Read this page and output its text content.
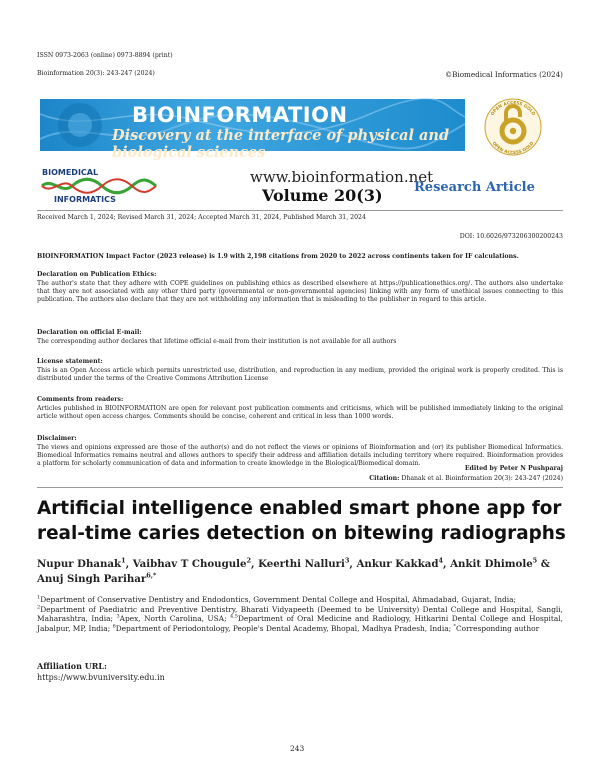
ISSN 0973-2063 (online) 0973-8894 (print)
Bioinformation 20(3): 243-247 (2024)	©Biomedical Informatics (2024)
BIOINFORMATION
Discovery at the interface of physical and biological sciences
OPEN ACCESS GOLD
OPEN ACCESS GOLD
BIOMEDICAL
INFORMATICS
www.bioinformation.net
Volume 20(3) Research Article
Received March 1, 2024; Revised March 31, 2024; Accepted March 31, 2024, Published March 31, 2024
DOI: 10.6026/973206300200243
BIOINFORMATION Impact Factor (2023 release) is 1.9 with 2,198 citations from 2020 to 2022 across continents taken for IF calculations.
Declaration on Publication Ethics:
The author's state that they adhere with COPE guidelines on publishing ethics as described elsewhere at https://publicationethics.org/. The authors also undertake that they are not associated with any other third party (governmental or non-governmental agencies) linking with any form of unethical issues connecting to this publication. The authors also declare that they are not withholding any information that is misleading to the publisher in regard to this article.
Declaration on official E-mail:
The corresponding author declares that lifetime official e-mail from their institution is not available for all authors
License statement:
This is an Open Access article which permits unrestricted use, distribution, and reproduction in any medium, provided the original work is properly credited. This is distributed under the terms of the Creative Commons Attribution License
Comments from readers:
Articles published in BIOINFORMATION are open for relevant post publication comments and criticisms, which will be published immediately linking to the original article without open access charges. Comments should be concise, coherent and critical in less than 1000 words.
Disclaimer:
The views and opinions expressed are those of the author(s) and do not reflect the views or opinions of Bioinformation and (or) its publisher Biomedical Informatics. Biomedical Informatics remains neutral and allows authors to specify their address and affiliation details including territory where required. Bioinformation provides a platform for scholarly communication of data and information to create knowledge in the Biological/Biomedical domain.
Edited by Peter N Pushparaj
Citation: Dhanak et al. Bioinformation 20(3): 243-247 (2024)
Artificial intelligence enabled smart phone app for real-time caries detection on bitewing radiographs
Nupur Dhanak$^1$, Vaibhav T Chougule$^2$, Keerthi Nalluri$^3$, Ankur Kakkad$^4$, Ankit Dhimole$^5$ & Anuj Singh Parihar$^{6,*}$
$^1$Department of Conservative Dentistry and Endodontics, Government Dental College and Hospital, Ahmadabad, Gujarat, India;
$^2$Department of Paediatric and Preventive Dentistry, Bharati Vidyapeeth (Deemed to be University) Dental College and Hospital, Sangli, Maharashtra, India; $^3$Apex, North Carolina, USA; $^{4,5}$Department of Oral Medicine and Radiology, Hitkarini Dental College and Hospital, Jabalpur, MP, India; $^6$Department of Periodontology, People's Dental Academy, Bhopal, Madhya Pradesh, India; *Corresponding author
Affiliation URL:
https://www.bvuniversity.edu.in
243
